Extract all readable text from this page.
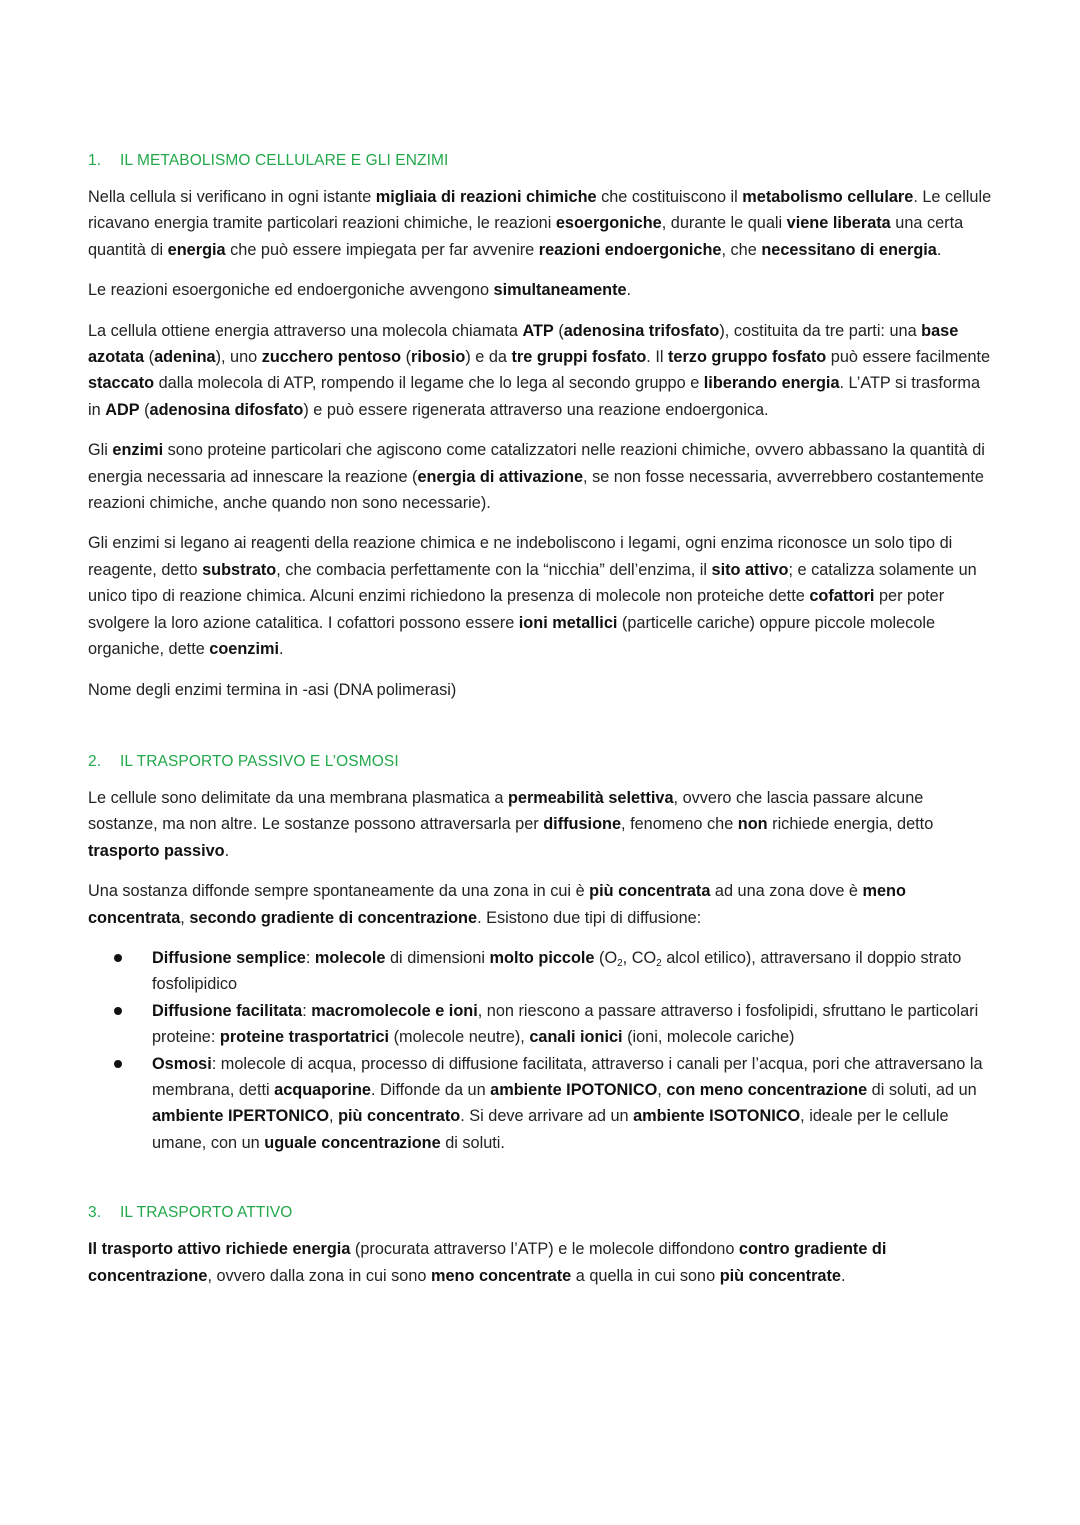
1. IL METABOLISMO CELLULARE E GLI ENZIMI

Nella cellula si verificano in ogni istante migliaia di reazioni chimiche che costituiscono il metabolismo cellulare. Le cellule ricavano energia tramite particolari reazioni chimiche, le reazioni esoergoniche, durante le quali viene liberata una certa quantità di energia che può essere impiegata per far avvenire reazioni endoergoniche, che necessitano di energia.

Le reazioni esoergoniche ed endoergoniche avvengono simultaneamente.

La cellula ottiene energia attraverso una molecola chiamata ATP (adenosina trifosfato), costituita da tre parti: una base azotata (adenina), uno zucchero pentoso (ribosio) e da tre gruppi fosfato. Il terzo gruppo fosfato può essere facilmente staccato dalla molecola di ATP, rompendo il legame che lo lega al secondo gruppo e liberando energia. L’ATP si trasforma in ADP (adenosina difosfato) e può essere rigenerata attraverso una reazione endoergonica.

Gli enzimi sono proteine particolari che agiscono come catalizzatori nelle reazioni chimiche, ovvero abbassano la quantità di energia necessaria ad innescare la reazione (energia di attivazione, se non fosse necessaria, avverrebbero costantemente reazioni chimiche, anche quando non sono necessarie).

Gli enzimi si legano ai reagenti della reazione chimica e ne indeboliscono i legami, ogni enzima riconosce un solo tipo di reagente, detto substrato, che combacia perfettamente con la “nicchia” dell’enzima, il sito attivo; e catalizza solamente un unico tipo di reazione chimica. Alcuni enzimi richiedono la presenza di molecole non proteiche dette cofattori per poter svolgere la loro azione catalitica. I cofattori possono essere ioni metallici (particelle cariche) oppure piccole molecole organiche, dette coenzimi.

Nome degli enzimi termina in -asi (DNA polimerasi)

2. IL TRASPORTO PASSIVO E L’OSMOSI

Le cellule sono delimitate da una membrana plasmatica a permeabilità selettiva, ovvero che lascia passare alcune sostanze, ma non altre. Le sostanze possono attraversarla per diffusione, fenomeno che non richiede energia, detto trasporto passivo.

Una sostanza diffonde sempre spontaneamente da una zona in cui è più concentrata ad una zona dove è meno concentrata, secondo gradiente di concentrazione. Esistono due tipi di diffusione:

Diffusione semplice: molecole di dimensioni molto piccole ($O_2$, $CO_2$ alcol etilico), attraversano il doppio strato fosfolipidico
Diffusione facilitata: macromolecole e ioni, non riescono a passare attraverso i fosfolipidi, sfruttano le particolari proteine: proteine trasportatrici (molecole neutre), canali ionici (ioni, molecole cariche)
Osmosi: molecole di acqua, processo di diffusione facilitata, attraverso i canali per l’acqua, pori che attraversano la membrana, detti acquaporine. Diffonde da un ambiente IPOTONICO, con meno concentrazione di soluti, ad un ambiente IPERTONICO, più concentrato. Si deve arrivare ad un ambiente ISOTONICO, ideale per le cellule umane, con un uguale concentrazione di soluti.
3. IL TRASPORTO ATTIVO

Il trasporto attivo richiede energia (procurata attraverso l’ATP) e le molecole diffondono contro gradiente di concentrazione, ovvero dalla zona in cui sono meno concentrate a quella in cui sono più concentrate.
